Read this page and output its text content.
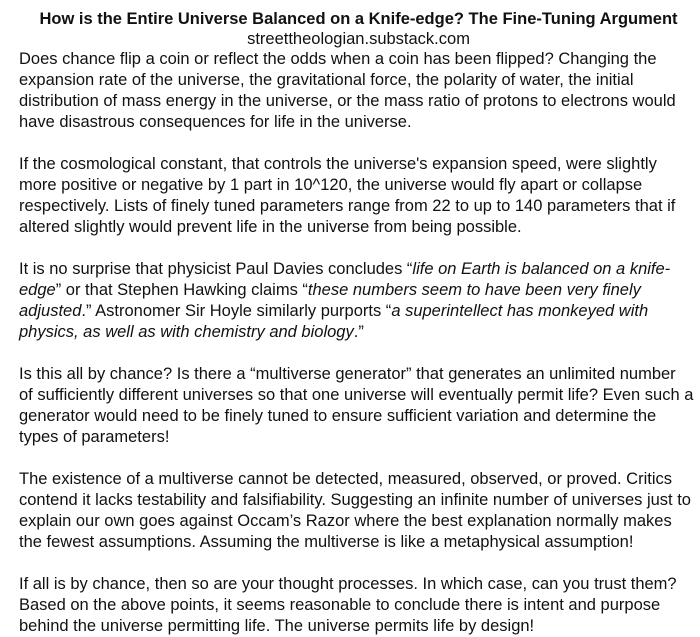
How is the Entire Universe Balanced on a Knife-edge? The Fine-Tuning Argument

streettheologian.substack.com

Does chance flip a coin or reflect the odds when a coin has been flipped? Changing the expansion rate of the universe, the gravitational force, the polarity of water, the initial distribution of mass energy in the universe, or the mass ratio of protons to electrons would have disastrous consequences for life in the universe.

If the cosmological constant, that controls the universe's expansion speed, were slightly more positive or negative by 1 part in 10^120, the universe would fly apart or collapse respectively. Lists of finely tuned parameters range from 22 to up to 140 parameters that if altered slightly would prevent life in the universe from being possible.

It is no surprise that physicist Paul Davies concludes “life on Earth is balanced on a knife-edge” or that Stephen Hawking claims “these numbers seem to have been very finely adjusted.” Astronomer Sir Hoyle similarly purports “a superintellect has monkeyed with physics, as well as with chemistry and biology.”

Is this all by chance? Is there a “multiverse generator” that generates an unlimited number of sufficiently different universes so that one universe will eventually permit life? Even such a generator would need to be finely tuned to ensure sufficient variation and determine the types of parameters!

The existence of a multiverse cannot be detected, measured, observed, or proved. Critics contend it lacks testability and falsifiability. Suggesting an infinite number of universes just to explain our own goes against Occam’s Razor where the best explanation normally makes the fewest assumptions. Assuming the multiverse is like a metaphysical assumption!

If all is by chance, then so are your thought processes. In which case, can you trust them? Based on the above points, it seems reasonable to conclude there is intent and purpose behind the universe permitting life. The universe permits life by design!
